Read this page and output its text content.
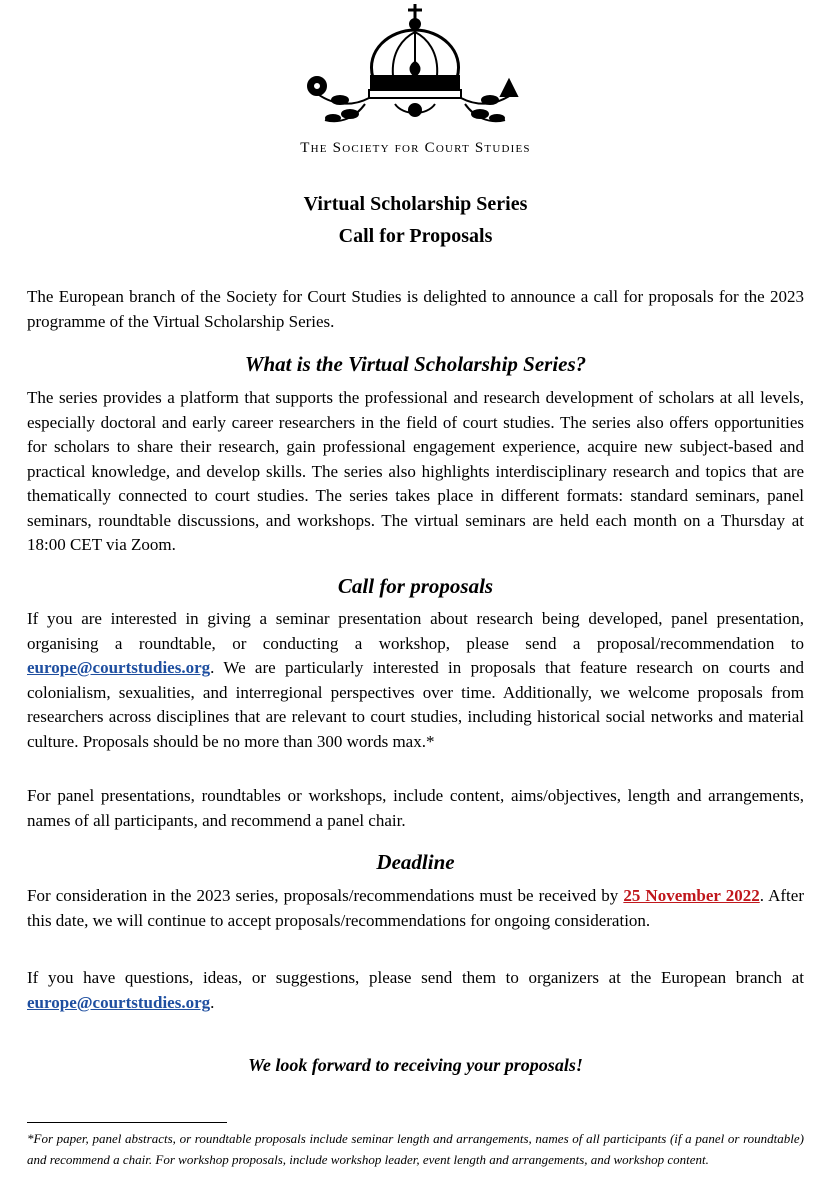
The Society for Court Studies
Virtual Scholarship Series
Call for Proposals
The European branch of the Society for Court Studies is delighted to announce a call for proposals for the 2023 programme of the Virtual Scholarship Series.
What is the Virtual Scholarship Series?
The series provides a platform that supports the professional and research development of scholars at all levels, especially doctoral and early career researchers in the field of court studies. The series also offers opportunities for scholars to share their research, gain professional engagement experience, acquire new subject-based and practical knowledge, and develop skills. The series also highlights interdisciplinary research and topics that are thematically connected to court studies. The series takes place in different formats: standard seminars, panel seminars, roundtable discussions, and workshops. The virtual seminars are held each month on a Thursday at 18:00 CET via Zoom.
Call for proposals
If you are interested in giving a seminar presentation about research being developed, panel presentation, organising a roundtable, or conducting a workshop, please send a proposal/recommendation to europe@courtstudies.org. We are particularly interested in proposals that feature research on courts and colonialism, sexualities, and interregional perspectives over time. Additionally, we welcome proposals from researchers across disciplines that are relevant to court studies, including historical social networks and material culture. Proposals should be no more than 300 words max.*
For panel presentations, roundtables or workshops, include content, aims/objectives, length and arrangements, names of all participants, and recommend a panel chair.
Deadline
For consideration in the 2023 series, proposals/recommendations must be received by 25 November 2022. After this date, we will continue to accept proposals/recommendations for ongoing consideration.
If you have questions, ideas, or suggestions, please send them to organizers at the European branch at europe@courtstudies.org.
We look forward to receiving your proposals!
*For paper, panel abstracts, or roundtable proposals include seminar length and arrangements, names of all participants (if a panel or roundtable) and recommend a chair. For workshop proposals, include workshop leader, event length and arrangements, and workshop content.
